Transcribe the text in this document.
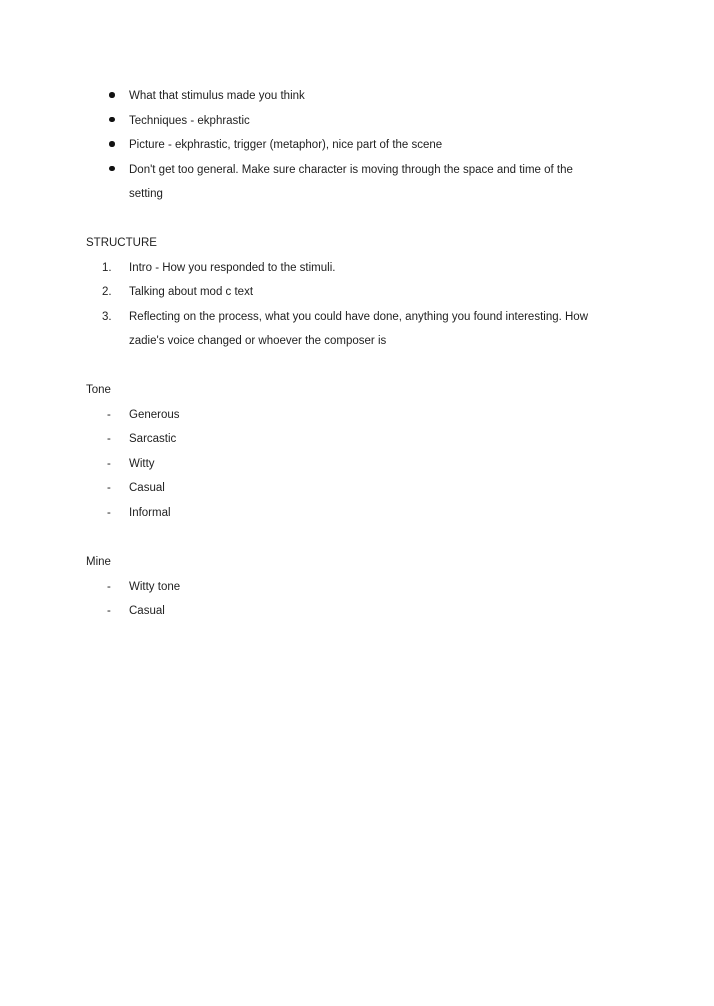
What that stimulus made you think
Techniques - ekphrastic
Picture - ekphrastic, trigger (metaphor), nice part of the scene
Don't get too general. Make sure character is moving through the space and time of the
setting
STRUCTURE
1.	Intro - How you responded to the stimuli.
2.	Talking about mod c text
3.	Reflecting on the process, what you could have done, anything you found interesting. How
zadie's voice changed or whoever the composer is
Tone
-	Generous
-	Sarcastic
-	Witty
-	Casual
-	Informal
Mine
-	Witty tone
-	Casual
